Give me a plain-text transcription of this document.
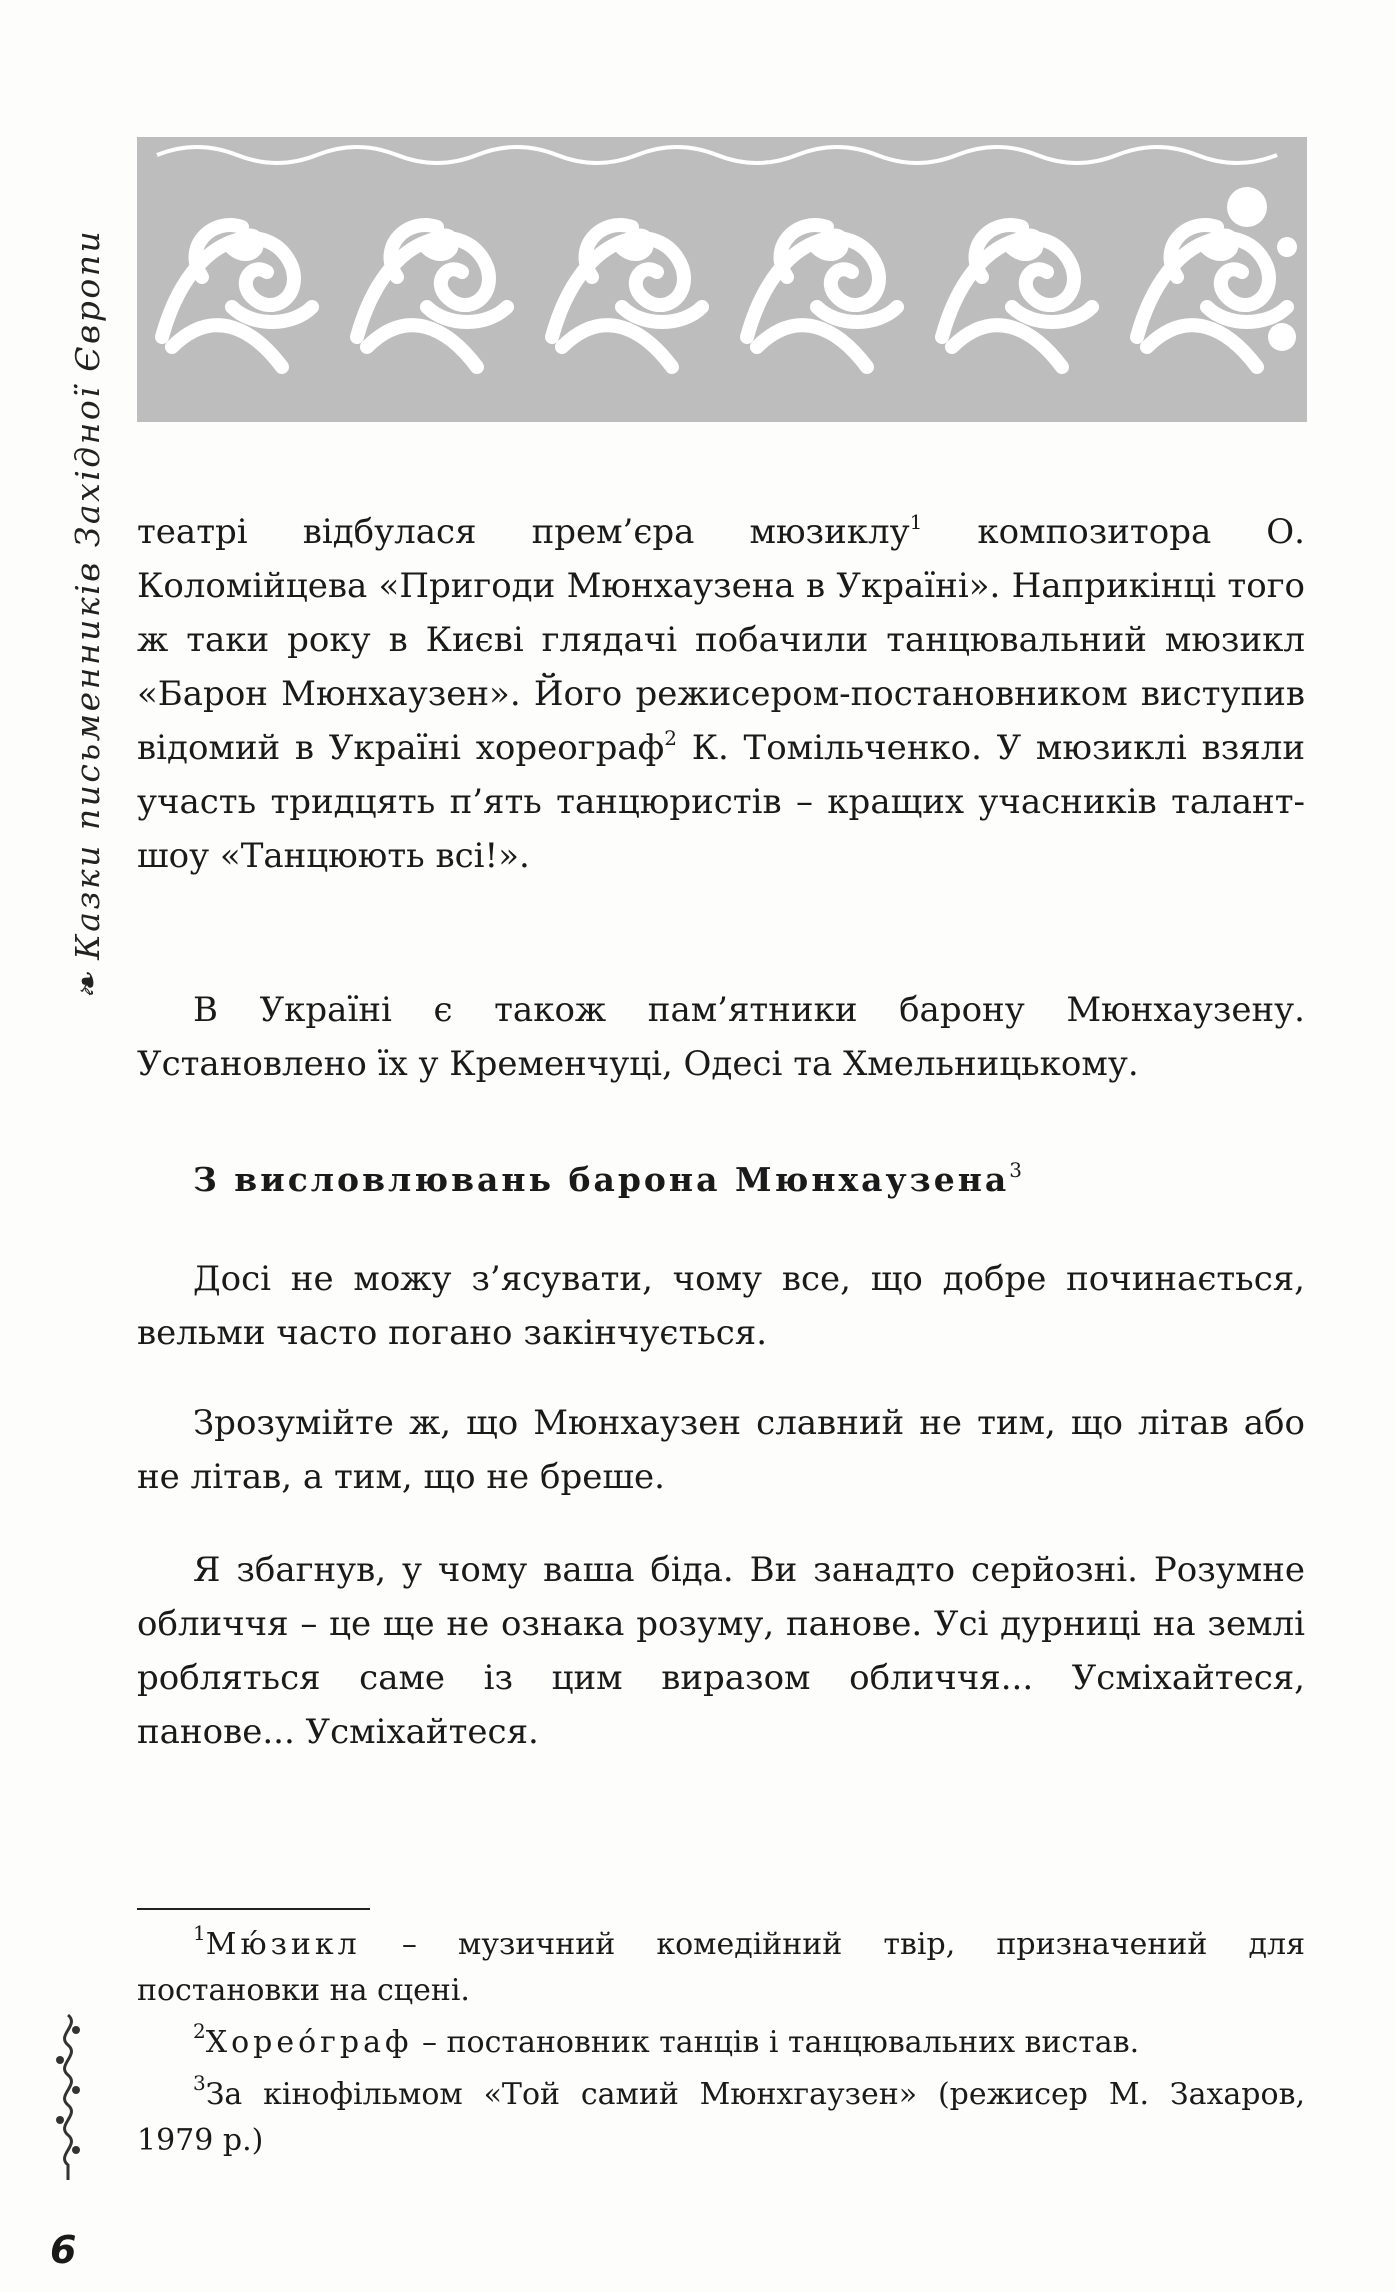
❧Казки письменників Західної Європи театрі відбулася прем’єра мюзиклу$^1$ композитора О. Коломійцева «Пригоди Мюнхаузена в Україні». Наприкінці того ж таки року в Києві глядачі побачили танцювальний мюзикл «Барон Мюнхаузен». Його режисером-постановником виступив відомий в Україні хореограф$^2$ К. Томільченко. У мюзиклі взяли участь тридцять п’ять танцюристів – кращих учасників талант-шоу «Танцюють всі!».

В Україні є також пам’ятники барону Мюнхаузену. Установлено їх у Кременчуці, Одесі та Хмельницькому.

З висловлювань барона Мюнхаузена$^3$

Досі не можу з’ясувати, чому все, що добре починається, вельми часто погано закінчується.

Зрозумійте ж, що Мюнхаузен славний не тим, що літав або не літав, а тим, що не бреше.

Я збагнув, у чому ваша біда. Ви занадто серйозні. Розумне обличчя – це ще не ознака розуму, панове. Усі дурниці на землі робляться саме із цим виразом обличчя... Усміхайтеся, панове... Усміхайтеся.

$^1$Мю́зикл – музичний комедійний твір, призначений для постановки на сцені.

$^2$Хорео́граф – постановник танців і танцювальних вистав.

$^3$За кінофільмом «Той самий Мюнхгаузен» (режисер М. Захаров, 1979 р.)

6
